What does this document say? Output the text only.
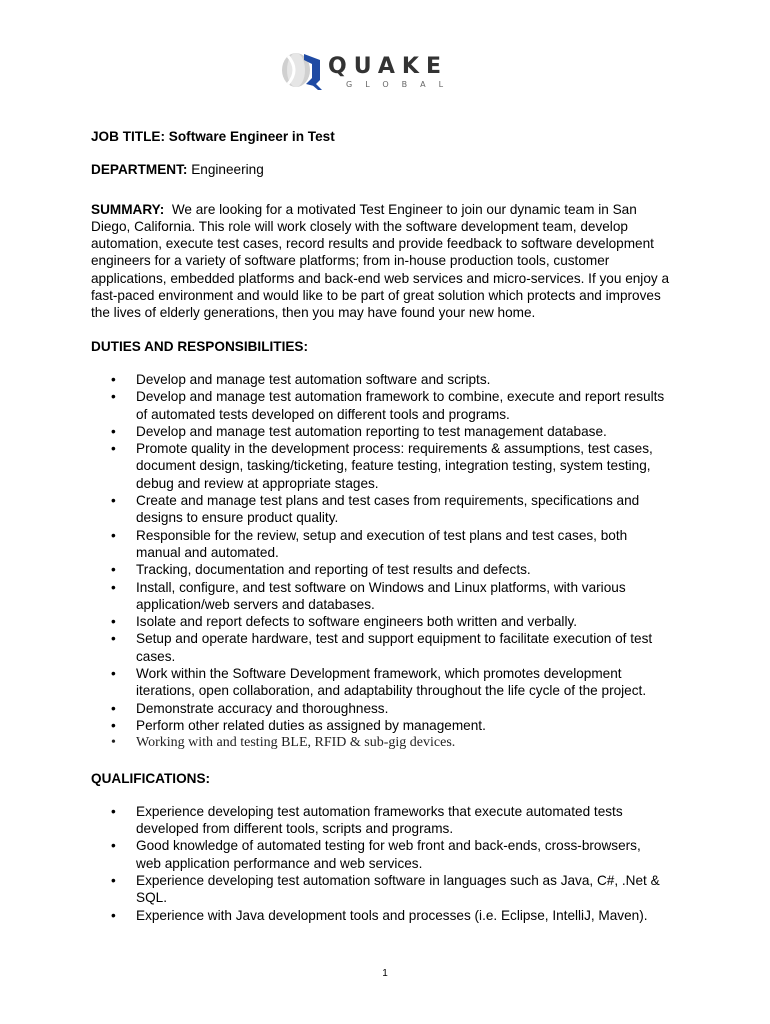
QUAKE
GLOBAL

JOB TITLE: Software Engineer in Test

DEPARTMENT: Engineering

SUMMARY: We are looking for a motivated Test Engineer to join our dynamic team in San

Diego, California. This role will work closely with the software development team, develop

automation, execute test cases, record results and provide feedback to software development

engineers for a variety of software platforms; from in-house production tools, customer

applications, embedded platforms and back-end web services and micro-services. If you enjoy a

fast-paced environment and would like to be part of great solution which protects and improves

the lives of elderly generations, then you may have found your new home.

DUTIES AND RESPONSIBILITIES:

• Develop and manage test automation software and scripts.
• Develop and manage test automation framework to combine, execute and report results
of automated tests developed on different tools and programs.
• Develop and manage test automation reporting to test management database.
• Promote quality in the development process: requirements & assumptions, test cases,
document design, tasking/ticketing, feature testing, integration testing, system testing,
debug and review at appropriate stages.
• Create and manage test plans and test cases from requirements, specifications and
designs to ensure product quality.
• Responsible for the review, setup and execution of test plans and test cases, both
manual and automated.
• Tracking, documentation and reporting of test results and defects.
• Install, configure, and test software on Windows and Linux platforms, with various
application/web servers and databases.
• Isolate and report defects to software engineers both written and verbally.
• Setup and operate hardware, test and support equipment to facilitate execution of test
cases.
• Work within the Software Development framework, which promotes development
iterations, open collaboration, and adaptability throughout the life cycle of the project.
• Demonstrate accuracy and thoroughness.
• Perform other related duties as assigned by management.
• Working with and testing BLE, RFID & sub-gig devices.

QUALIFICATIONS:

• Experience developing test automation frameworks that execute automated tests
developed from different tools, scripts and programs.
• Good knowledge of automated testing for web front and back-ends, cross-browsers,
web application performance and web services.
• Experience developing test automation software in languages such as Java, C#, .Net &
SQL.
• Experience with Java development tools and processes (i.e. Eclipse, IntelliJ, Maven).
1
